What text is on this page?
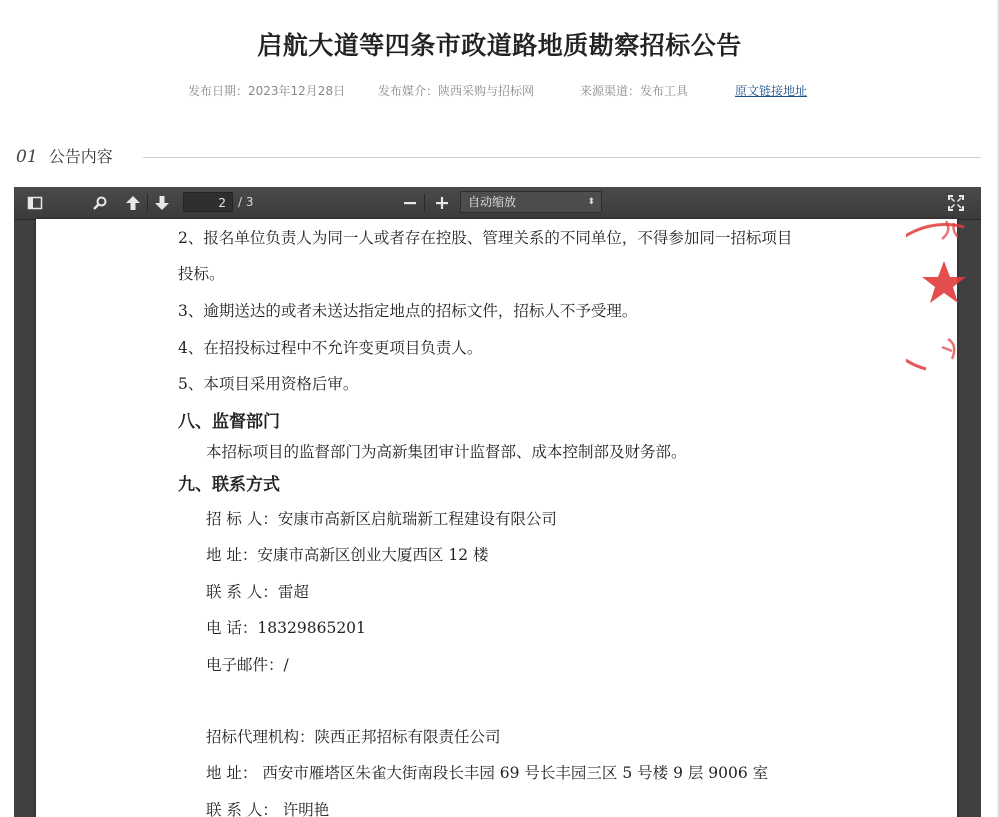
启航大道等四条市政道路地质勘察招标公告
发布日期：2023年12月28日	发布媒介：陕西采购与招标网	来源渠道：发布工具	原文链接地址
01 公告内容
2	/ 3	自动缩放	⬍
2、报名单位负责人为同一人或者存在控股、管理关系的不同单位，不得参加同一招标项目
投标。
3、逾期送达的或者未送达指定地点的招标文件，招标人不予受理。
4、在招投标过程中不允许变更项目负责人。
5、本项目采用资格后审。
八、监督部门
本招标项目的监督部门为高新集团审计监督部、成本控制部及财务部。
九、联系方式
招 标 人：安康市高新区启航瑞新工程建设有限公司
地 址：安康市高新区创业大厦西区 12 楼
联 系 人：雷超
电 话：18329865201
电子邮件：/
招标代理机构：陕西正邦招标有限责任公司
地 址： 西安市雁塔区朱雀大街南段长丰园 69 号长丰园三区 5 号楼 9 层 9006 室
联 系 人： 许明艳
